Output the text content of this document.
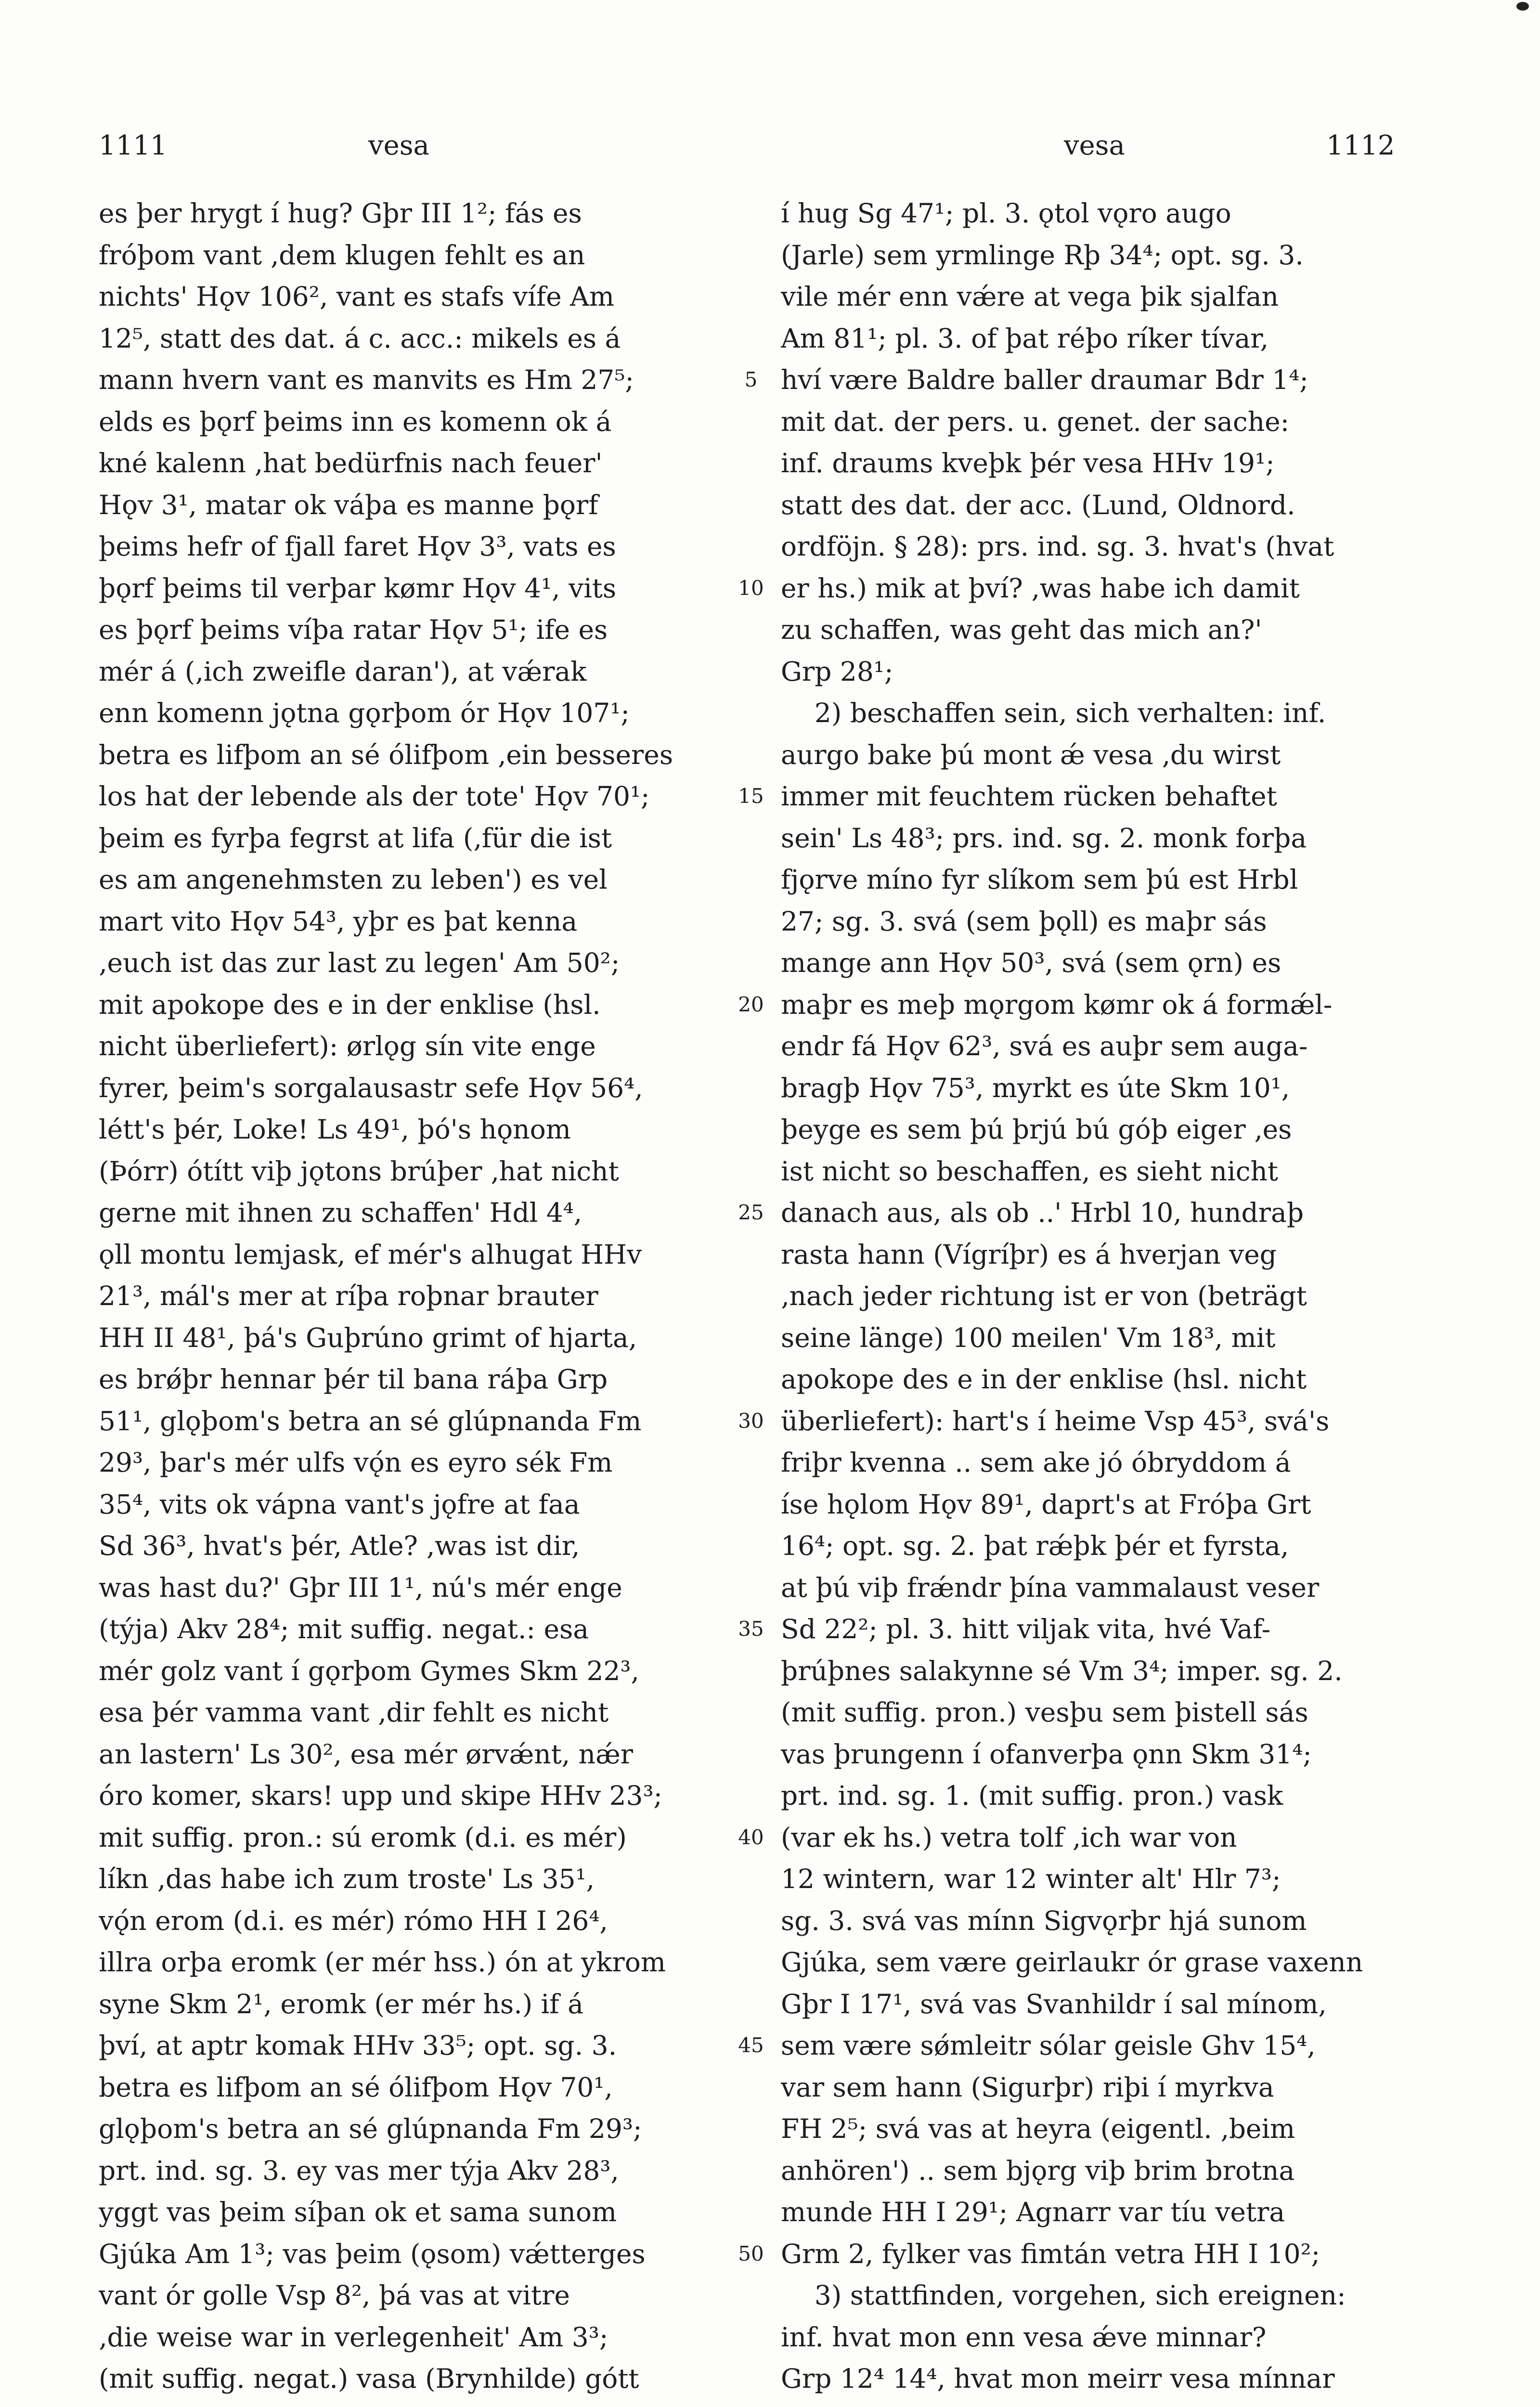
1111	vesa	vesa	1112
es þer hrygt í hug? Gþr III 1²; fás es
fróþom vant ‚dem klugen fehlt es an
nichts' Hǫv 106², vant es stafs vífe Am
12⁵, statt des dat. á c. acc.: mikels es á
mann hvern vant es manvits es Hm 27⁵;
elds es þǫrf þeims inn es komenn ok á
kné kalenn ‚hat bedürfnis nach feuer'
Hǫv 3¹, matar ok váþa es manne þǫrf
þeims hefr of fjall faret Hǫv 3³, vats es
þǫrf þeims til verþar kømr Hǫv 4¹, vits
es þǫrf þeims víþa ratar Hǫv 5¹; ife es
mér á (‚ich zweifle daran'), at vǽrak
enn komenn jǫtna gǫrþom ór Hǫv 107¹;
betra es lifþom an sé ólifþom ‚ein besseres
los hat der lebende als der tote' Hǫv 70¹;
þeim es fyrþa fegrst at lifa (‚für die ist
es am angenehmsten zu leben') es vel
mart vito Hǫv 54³, yþr es þat kenna
‚euch ist das zur last zu legen' Am 50²;
mit apokope des e in der enklise (hsl.
nicht überliefert): ørlǫg sín vite enge
fyrer, þeim's sorgalausastr sefe Hǫv 56⁴,
létt's þér, Loke! Ls 49¹, þó's hǫnom
(Þórr) ótítt viþ jǫtons brúþer ‚hat nicht
gerne mit ihnen zu schaffen' Hdl 4⁴,
ǫll montu lemjask, ef mér's alhugat HHv
21³, mál's mer at ríþa roþnar brauter
HH II 48¹, þá's Guþrúno grimt of hjarta,
es brǿþr hennar þér til bana ráþa Grp
51¹, glǫþom's betra an sé glúpnanda Fm
29³, þar's mér ulfs vǫ́n es eyro sék Fm
35⁴, vits ok vápna vant's jǫfre at faa
Sd 36³, hvat's þér, Atle? ‚was ist dir,
was hast du?' Gþr III 1¹, nú's mér enge
(týja) Akv 28⁴; mit suffig. negat.: esa
mér golz vant í gǫrþom Gymes Skm 22³,
esa þér vamma vant ‚dir fehlt es nicht
an lastern' Ls 30², esa mér ørvǽnt, nǽr
óro komer, skars! upp und skipe HHv 23³;
mit suffig. pron.: sú eromk (d.i. es mér)
líkn ‚das habe ich zum troste' Ls 35¹,
vǫ́n erom (d.i. es mér) rómo HH I 26⁴,
illra orþa eromk (er mér hss.) ón at ykrom
syne Skm 2¹, eromk (er mér hs.) if á
því, at aptr komak HHv 33⁵; opt. sg. 3.
betra es lifþom an sé ólifþom Hǫv 70¹,
glǫþom's betra an sé glúpnanda Fm 29³;
prt. ind. sg. 3. ey vas mer týja Akv 28³,
yggt vas þeim síþan ok et sama sunom
Gjúka Am 1³; vas þeim (ǫsom) vǽtterges
vant ór golle Vsp 8², þá vas at vitre
‚die weise war in verlegenheit' Am 3³;
(mit suffig. negat.) vasa (Brynhilde) gótt
5
10
15
20
25
30
35
40
45
50
í hug Sg 47¹; pl. 3. ǫtol vǫro augo
(Jarle) sem yrmlinge Rþ 34⁴; opt. sg. 3.
vile mér enn vǽre at vega þik sjalfan
Am 81¹; pl. 3. of þat réþo ríker tívar,
hví være Baldre baller draumar Bdr 1⁴;
mit dat. der pers. u. genet. der sache:
inf. draums kveþk þér vesa HHv 19¹;
statt des dat. der acc. (Lund, Oldnord.
ordföjn. § 28): prs. ind. sg. 3. hvat's (hvat
er hs.) mik at því? ‚was habe ich damit
zu schaffen, was geht das mich an?'
Grp 28¹;
2) beschaffen sein, sich verhalten: inf.
aurgo bake þú mont ǽ vesa ‚du wirst
immer mit feuchtem rücken behaftet
sein' Ls 48³; prs. ind. sg. 2. monk forþa
fjǫrve míno fyr slíkom sem þú est Hrbl
27; sg. 3. svá (sem þǫll) es maþr sás
mange ann Hǫv 50³, svá (sem ǫrn) es
maþr es meþ mǫrgom kømr ok á formǽl-
endr fá Hǫv 62³, svá es auþr sem auga-
bragþ Hǫv 75³, myrkt es úte Skm 10¹,
þeyge es sem þú þrjú bú góþ eiger ‚es
ist nicht so beschaffen, es sieht nicht
danach aus, als ob ..' Hrbl 10, hundraþ
rasta hann (Vígríþr) es á hverjan veg
‚nach jeder richtung ist er von (beträgt
seine länge) 100 meilen' Vm 18³, mit
apokope des e in der enklise (hsl. nicht
überliefert): hart's í heime Vsp 45³, svá's
friþr kvenna .. sem ake jó óbryddom á
íse hǫlom Hǫv 89¹, daprt's at Fróþa Grt
16⁴; opt. sg. 2. þat rǽþk þér et fyrsta,
at þú viþ frǽndr þína vammalaust veser
Sd 22²; pl. 3. hitt viljak vita, hvé Vaf-
þrúþnes salakynne sé Vm 3⁴; imper. sg. 2.
(mit suffig. pron.) vesþu sem þistell sás
vas þrungenn í ofanverþa ǫnn Skm 31⁴;
prt. ind. sg. 1. (mit suffig. pron.) vask
(var ek hs.) vetra tolf ‚ich war von
12 wintern, war 12 winter alt' Hlr 7³;
sg. 3. svá vas mínn Sigvǫrþr hjá sunom
Gjúka, sem være geirlaukr ór grase vaxenn
Gþr I 17¹, svá vas Svanhildr í sal mínom,
sem være sǿmleitr sólar geisle Ghv 15⁴,
var sem hann (Sigurþr) riþi í myrkva
FH 2⁵; svá vas at heyra (eigentl. ‚beim
anhören') .. sem bjǫrg viþ brim brotna
munde HH I 29¹; Agnarr var tíu vetra
Grm 2, fylker vas fimtán vetra HH I 10²;
3) stattfinden, vorgehen, sich ereignen:
inf. hvat mon enn vesa ǽve minnar?
Grp 12⁴ 14⁴, hvat mon meirr vesa mínnar
